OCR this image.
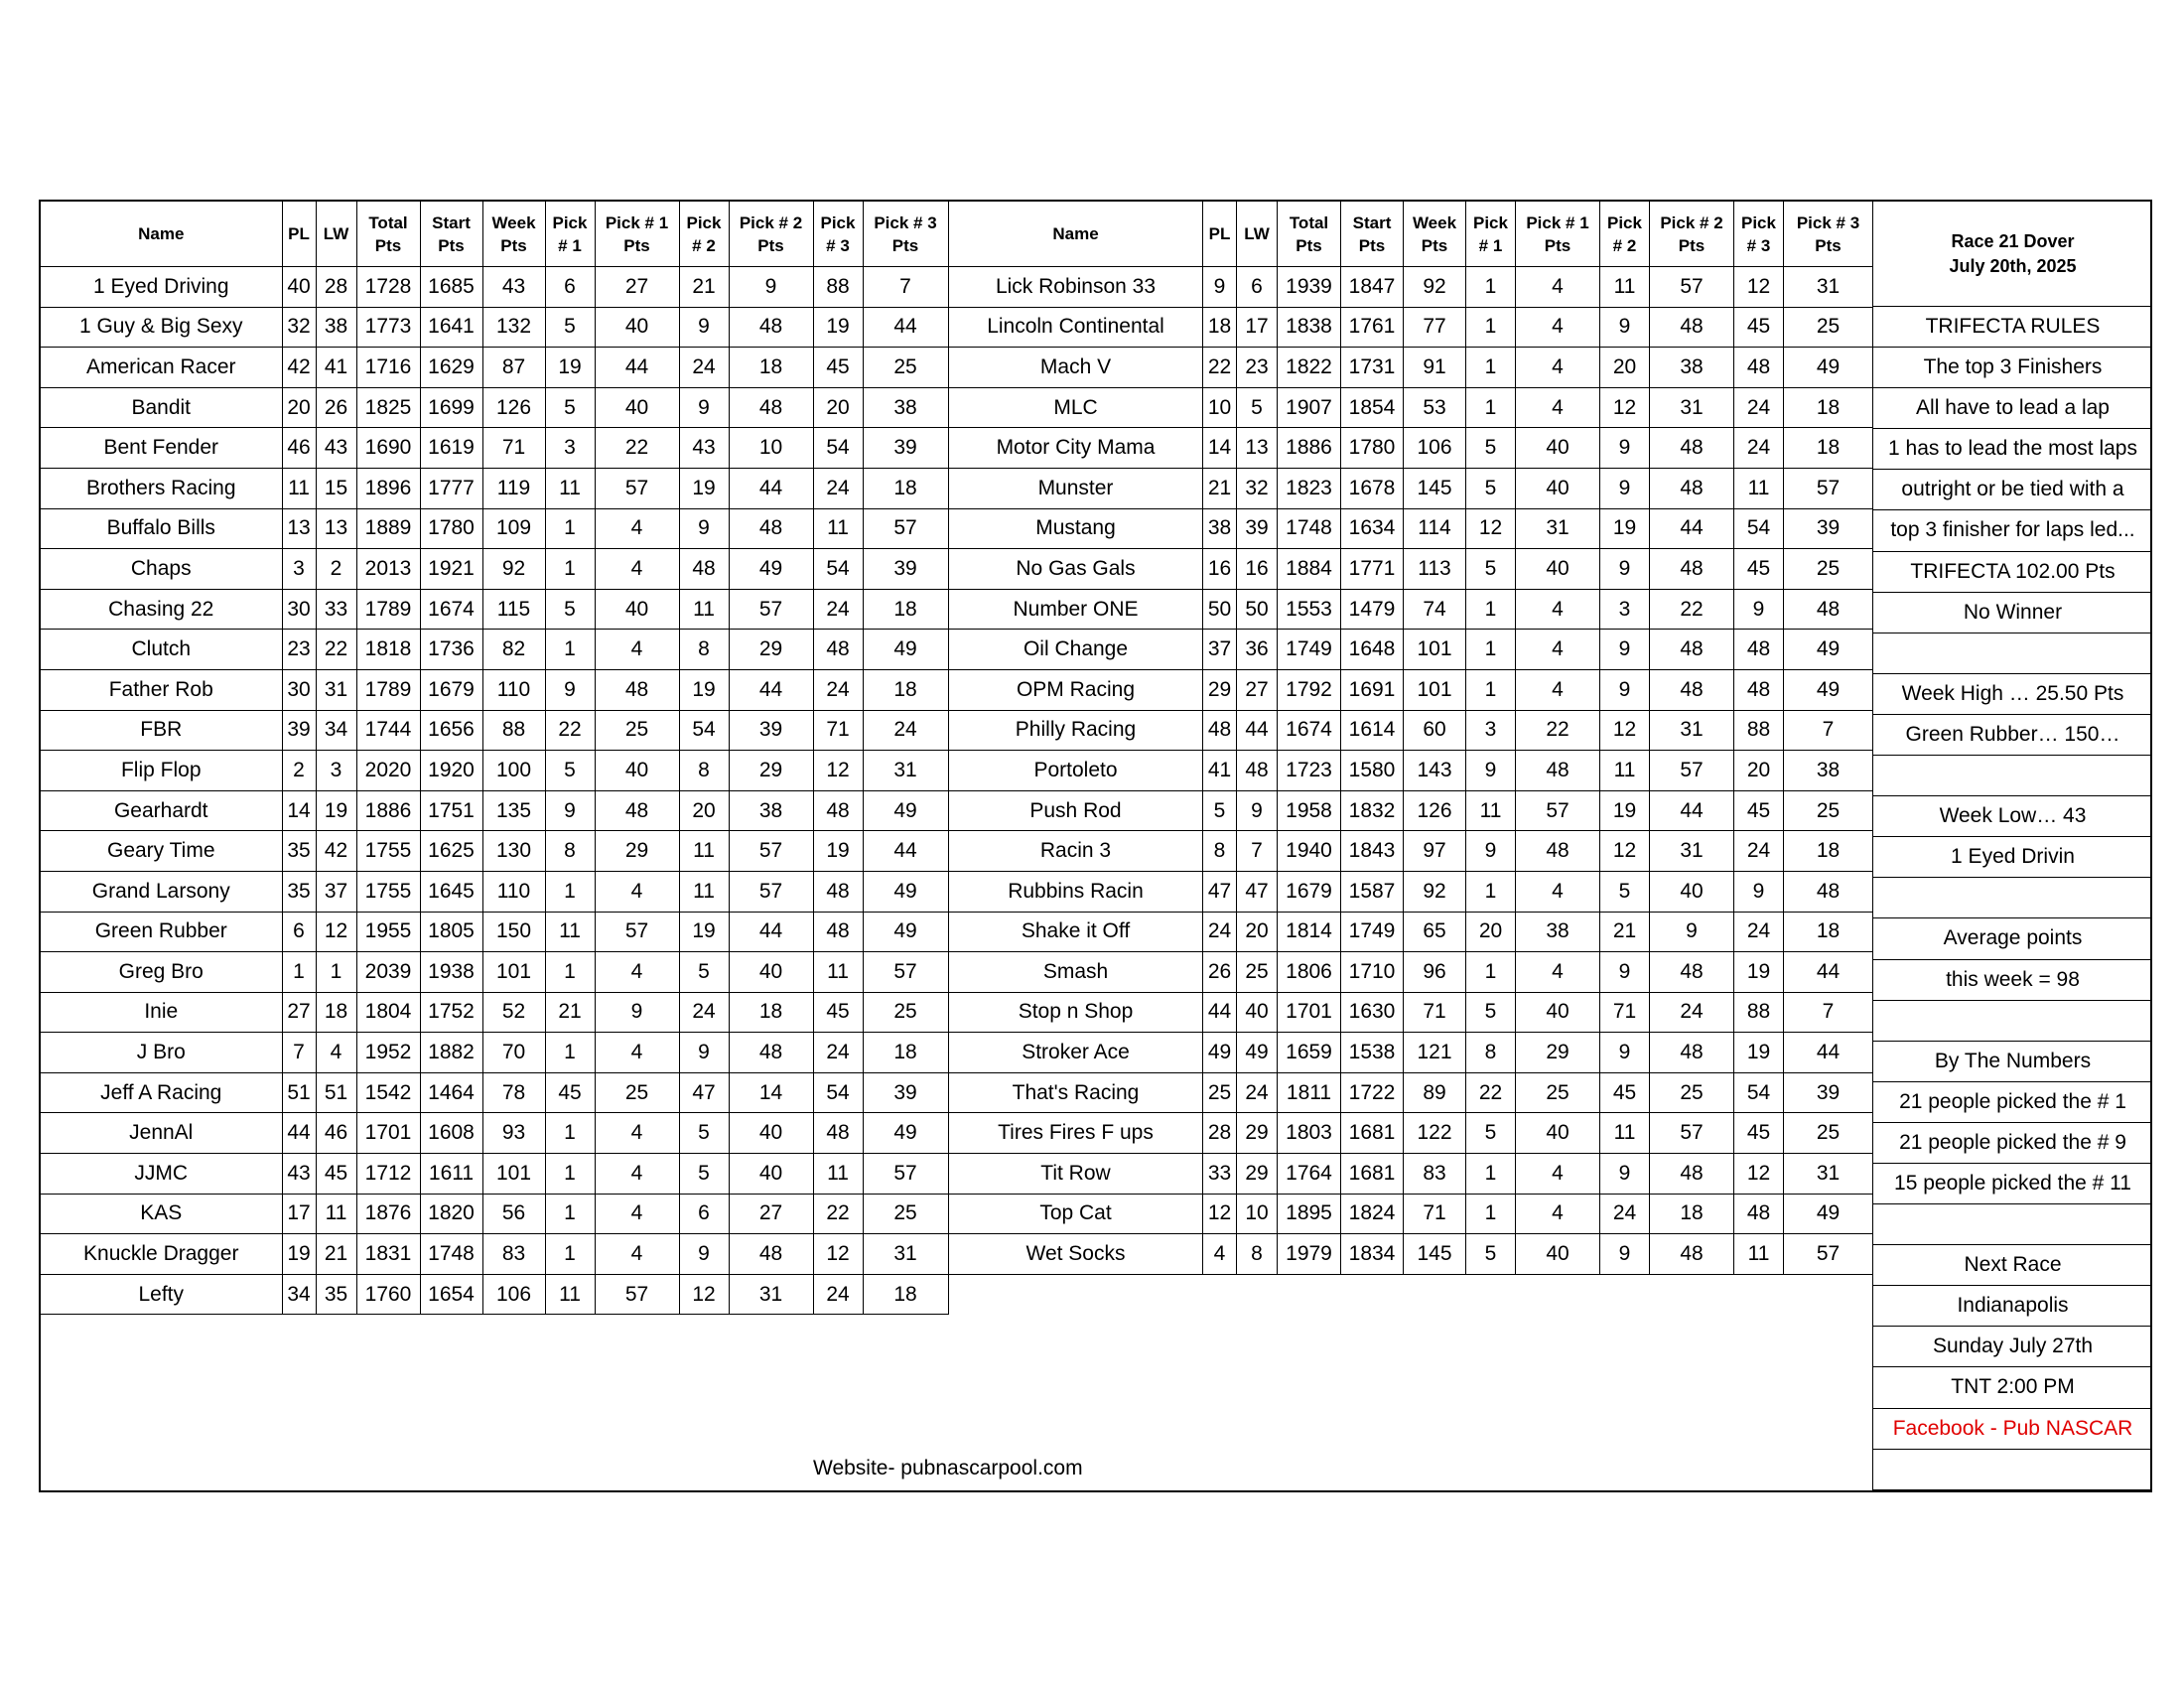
Name	PL	LW	Total Pts	Start Pts	Week Pts	Pick # 1	Pick # 1 Pts	Pick # 2	Pick # 2 Pts	Pick # 3	Pick # 3 Pts
1 Eyed Driving	40	28	1728	1685	43	6	27	21	9	88	7
1 Guy & Big Sexy	32	38	1773	1641	132	5	40	9	48	19	44
American Racer	42	41	1716	1629	87	19	44	24	18	45	25
Bandit	20	26	1825	1699	126	5	40	9	48	20	38
Bent Fender	46	43	1690	1619	71	3	22	43	10	54	39
Brothers Racing	11	15	1896	1777	119	11	57	19	44	24	18
Buffalo Bills	13	13	1889	1780	109	1	4	9	48	11	57
Chaps	3	2	2013	1921	92	1	4	48	49	54	39
Chasing 22	30	33	1789	1674	115	5	40	11	57	24	18
Clutch	23	22	1818	1736	82	1	4	8	29	48	49
Father Rob	30	31	1789	1679	110	9	48	19	44	24	18
FBR	39	34	1744	1656	88	22	25	54	39	71	24
Flip Flop	2	3	2020	1920	100	5	40	8	29	12	31
Gearhardt	14	19	1886	1751	135	9	48	20	38	48	49
Geary Time	35	42	1755	1625	130	8	29	11	57	19	44
Grand Larsony	35	37	1755	1645	110	1	4	11	57	48	49
Green Rubber	6	12	1955	1805	150	11	57	19	44	48	49
Greg Bro	1	1	2039	1938	101	1	4	5	40	11	57
Inie	27	18	1804	1752	52	21	9	24	18	45	25
J Bro	7	4	1952	1882	70	1	4	9	48	24	18
Jeff A Racing	51	51	1542	1464	78	45	25	47	14	54	39
JennAl	44	46	1701	1608	93	1	4	5	40	48	49
JJMC	43	45	1712	1611	101	1	4	5	40	11	57
KAS	17	11	1876	1820	56	1	4	6	27	22	25
Knuckle Dragger	19	21	1831	1748	83	1	4	9	48	12	31
Lefty	34	35	1760	1654	106	11	57	12	31	24	18
Name	PL	LW	Total Pts	Start Pts	Week Pts	Pick # 1	Pick # 1 Pts	Pick # 2	Pick # 2 Pts	Pick # 3	Pick # 3 Pts
Lick Robinson 33	9	6	1939	1847	92	1	4	11	57	12	31
Lincoln Continental	18	17	1838	1761	77	1	4	9	48	45	25
Mach V	22	23	1822	1731	91	1	4	20	38	48	49
MLC	10	5	1907	1854	53	1	4	12	31	24	18
Motor City Mama	14	13	1886	1780	106	5	40	9	48	24	18
Munster	21	32	1823	1678	145	5	40	9	48	11	57
Mustang	38	39	1748	1634	114	12	31	19	44	54	39
No Gas Gals	16	16	1884	1771	113	5	40	9	48	45	25
Number ONE	50	50	1553	1479	74	1	4	3	22	9	48
Oil Change	37	36	1749	1648	101	1	4	9	48	48	49
OPM Racing	29	27	1792	1691	101	1	4	9	48	48	49
Philly Racing	48	44	1674	1614	60	3	22	12	31	88	7
Portoleto	41	48	1723	1580	143	9	48	11	57	20	38
Push Rod	5	9	1958	1832	126	11	57	19	44	45	25
Racin 3	8	7	1940	1843	97	9	48	12	31	24	18
Rubbins Racin	47	47	1679	1587	92	1	4	5	40	9	48
Shake it Off	24	20	1814	1749	65	20	38	21	9	24	18
Smash	26	25	1806	1710	96	1	4	9	48	19	44
Stop n Shop	44	40	1701	1630	71	5	40	71	24	88	7
Stroker Ace	49	49	1659	1538	121	8	29	9	48	19	44
That's Racing	25	24	1811	1722	89	22	25	45	25	54	39
Tires Fires F ups	28	29	1803	1681	122	5	40	11	57	45	25
Tit Row	33	29	1764	1681	83	1	4	9	48	12	31
Top Cat	12	10	1895	1824	71	1	4	24	18	48	49
Wet Socks	4	8	1979	1834	145	5	40	9	48	11	57
Race 21 Dover
July 20th, 2025
TRIFECTA RULES
The top 3 Finishers
All have to lead a lap
1 has to lead the most laps
outright or be tied with a
top 3 finisher for laps led...
TRIFECTA 102.00 Pts
No Winner
Week High … 25.50 Pts
Green Rubber… 150…
Week Low… 43
1 Eyed Drivin
Average points
this week = 98
By The Numbers
21 people picked the # 1
21 people picked the # 9
15 people picked the # 11
Next Race
Indianapolis
Sunday July 27th
TNT 2:00 PM
Facebook - Pub NASCAR
Website- pubnascarpool.com
